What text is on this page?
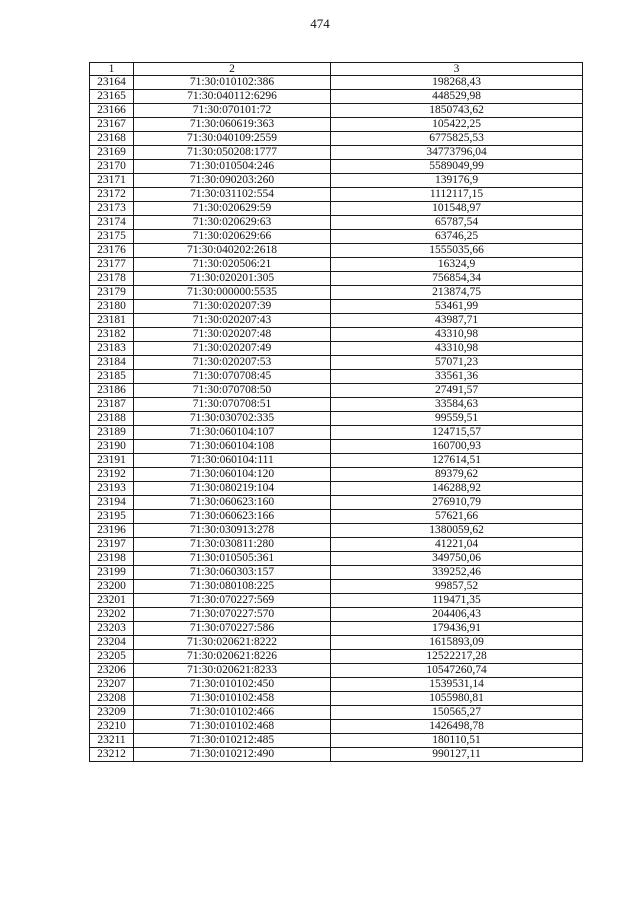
474
1	2	3
23164	71:30:010102:386	198268,43
23165	71:30:040112:6296	448529,98
23166	71:30:070101:72	1850743,62
23167	71:30:060619:363	105422,25
23168	71:30:040109:2559	6775825,53
23169	71:30:050208:1777	34773796,04
23170	71:30:010504:246	5589049,99
23171	71:30:090203:260	139176,9
23172	71:30:031102:554	1112117,15
23173	71:30:020629:59	101548,97
23174	71:30:020629:63	65787,54
23175	71:30:020629:66	63746,25
23176	71:30:040202:2618	1555035,66
23177	71:30:020506:21	16324,9
23178	71:30:020201:305	756854,34
23179	71:30:000000:5535	213874,75
23180	71:30:020207:39	53461,99
23181	71:30:020207:43	43987,71
23182	71:30:020207:48	43310,98
23183	71:30:020207:49	43310,98
23184	71:30:020207:53	57071,23
23185	71:30:070708:45	33561,36
23186	71:30:070708:50	27491,57
23187	71:30:070708:51	33584,63
23188	71:30:030702:335	99559,51
23189	71:30:060104:107	124715,57
23190	71:30:060104:108	160700,93
23191	71:30:060104:111	127614,51
23192	71:30:060104:120	89379,62
23193	71:30:080219:104	146288,92
23194	71:30:060623:160	276910,79
23195	71:30:060623:166	57621,66
23196	71:30:030913:278	1380059,62
23197	71:30:030811:280	41221,04
23198	71:30:010505:361	349750,06
23199	71:30:060303:157	339252,46
23200	71:30:080108:225	99857,52
23201	71:30:070227:569	119471,35
23202	71:30:070227:570	204406,43
23203	71:30:070227:586	179436,91
23204	71:30:020621:8222	1615893,09
23205	71:30:020621:8226	12522217,28
23206	71:30:020621:8233	10547260,74
23207	71:30:010102:450	1539531,14
23208	71:30:010102:458	1055980,81
23209	71:30:010102:466	150565,27
23210	71:30:010102:468	1426498,78
23211	71:30:010212:485	180110,51
23212	71:30:010212:490	990127,11
